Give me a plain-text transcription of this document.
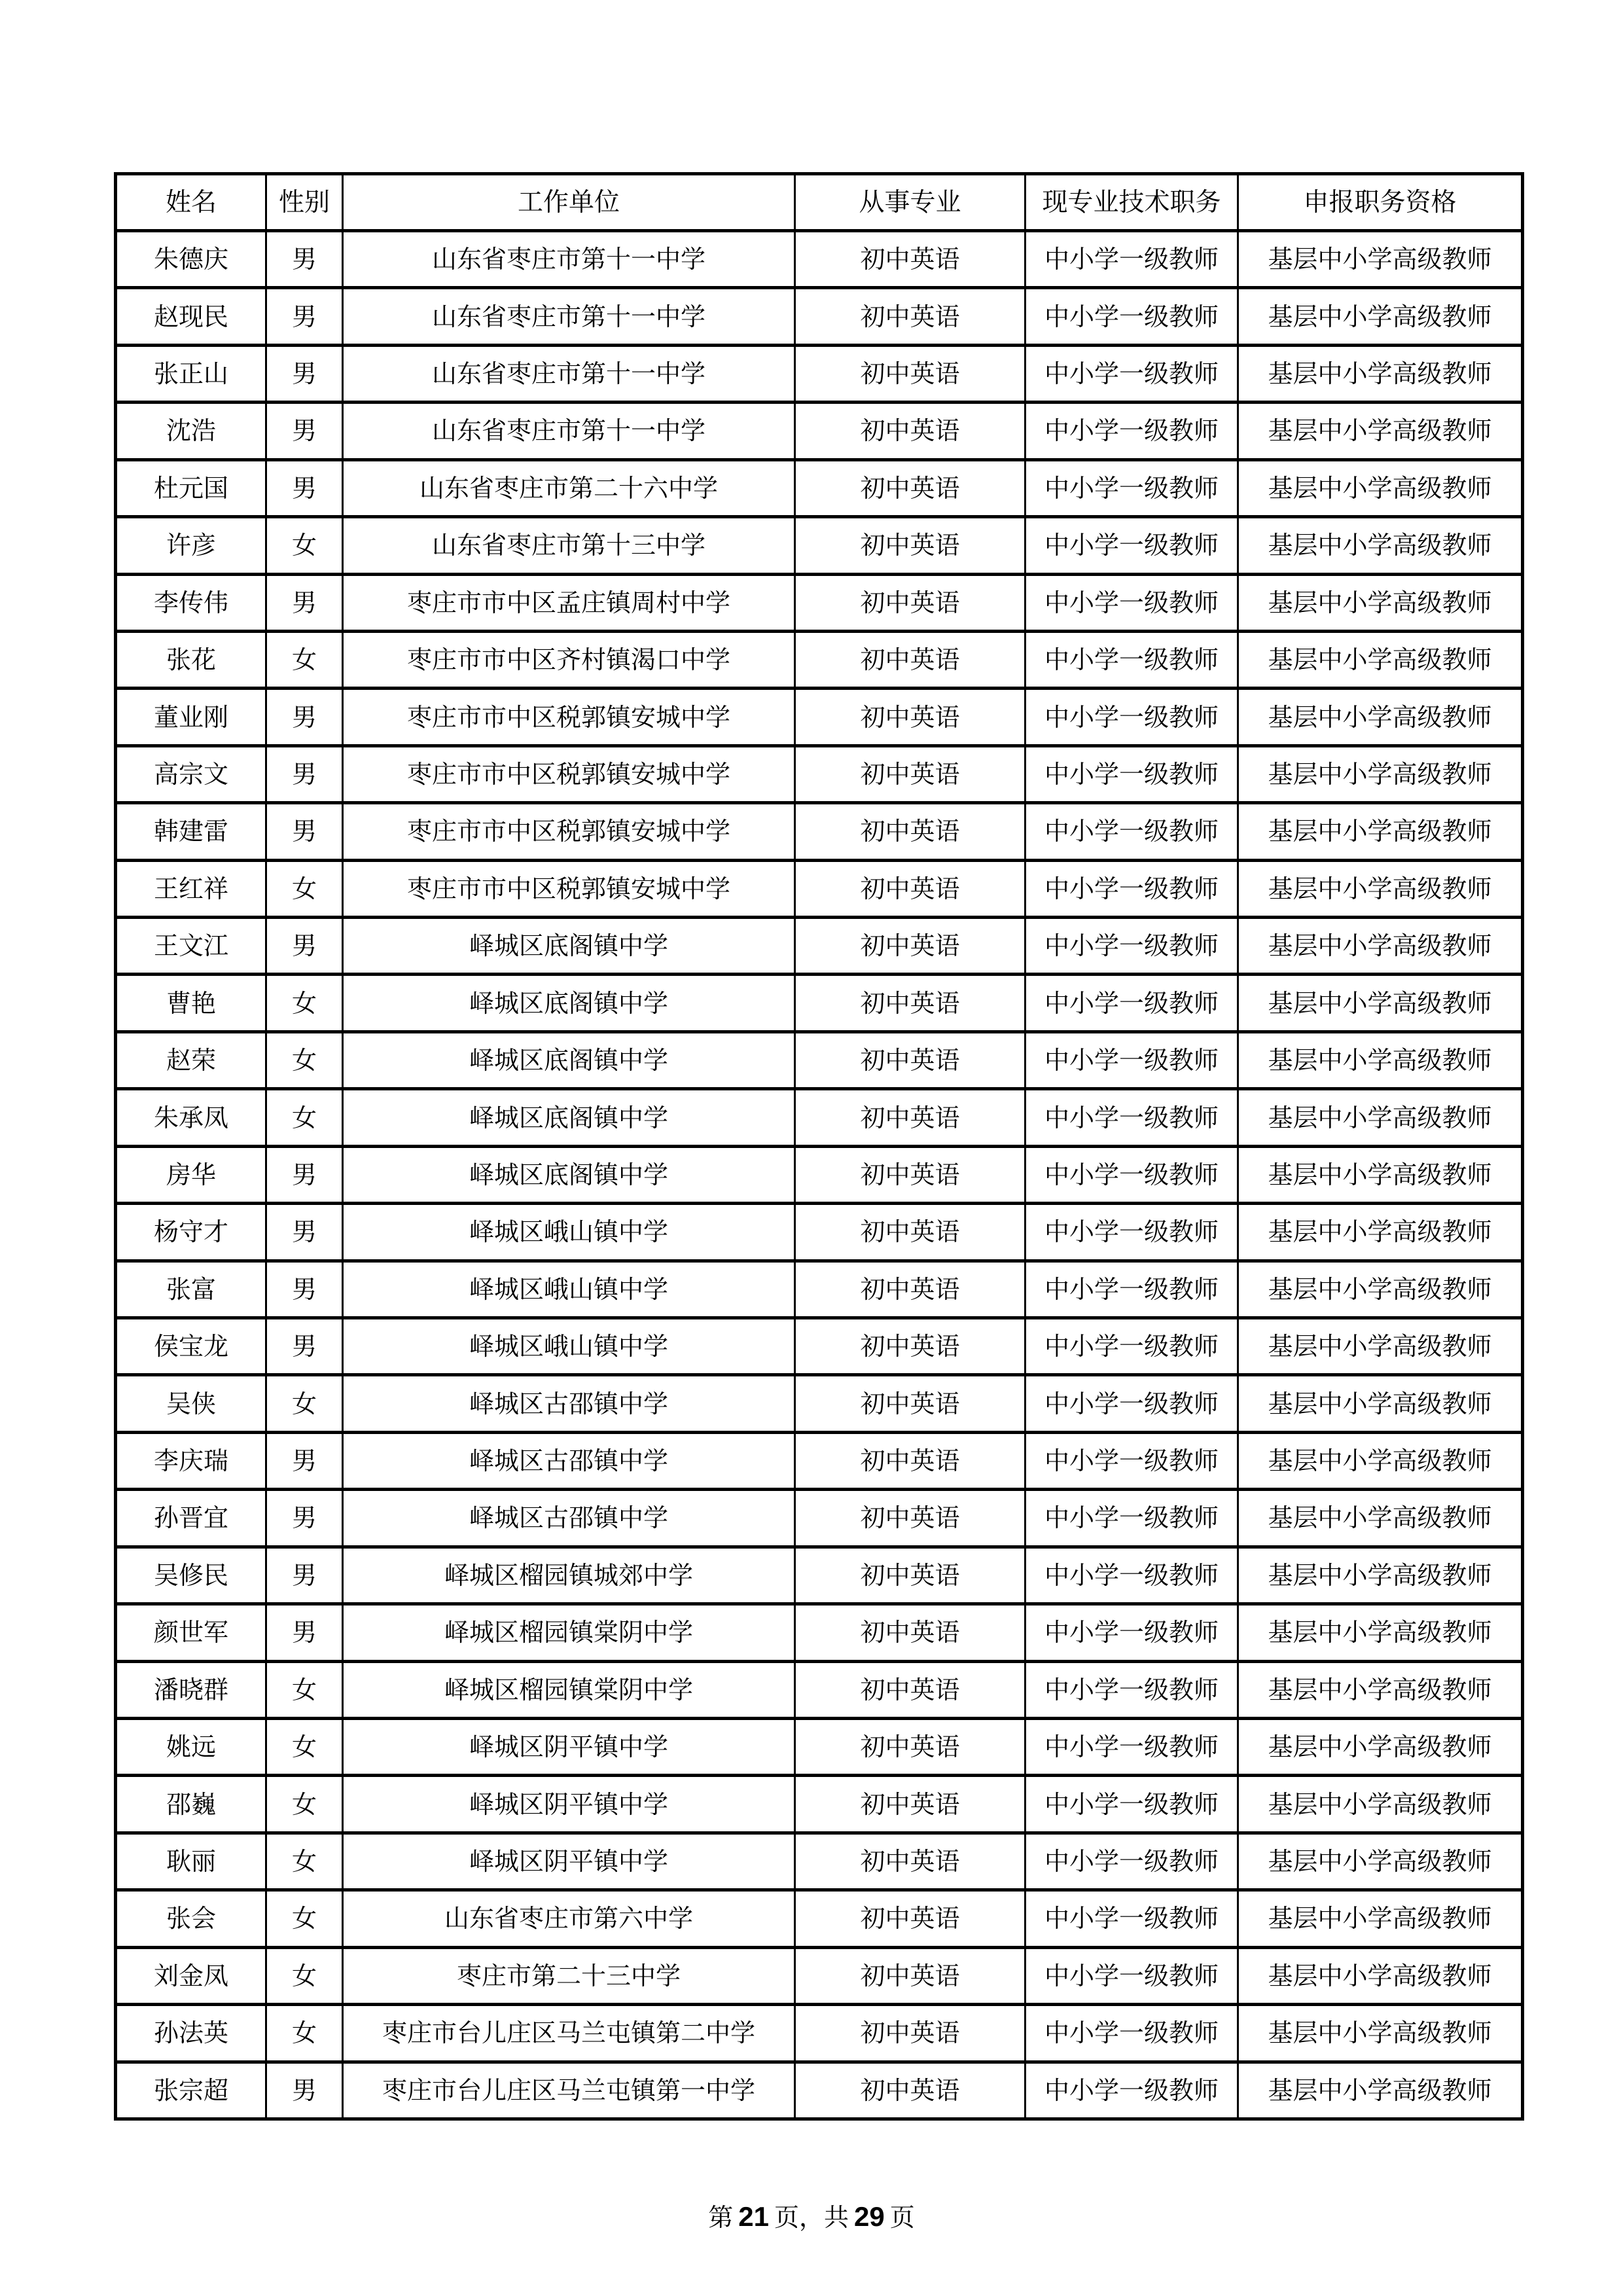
姓名	性别	工作单位	从事专业	现专业技术职务	申报职务资格
朱德庆	男	山东省枣庄市第十一中学	初中英语	中小学一级教师	基层中小学高级教师
赵现民	男	山东省枣庄市第十一中学	初中英语	中小学一级教师	基层中小学高级教师
张正山	男	山东省枣庄市第十一中学	初中英语	中小学一级教师	基层中小学高级教师
沈浩	男	山东省枣庄市第十一中学	初中英语	中小学一级教师	基层中小学高级教师
杜元国	男	山东省枣庄市第二十六中学	初中英语	中小学一级教师	基层中小学高级教师
许彦	女	山东省枣庄市第十三中学	初中英语	中小学一级教师	基层中小学高级教师
李传伟	男	枣庄市市中区孟庄镇周村中学	初中英语	中小学一级教师	基层中小学高级教师
张花	女	枣庄市市中区齐村镇渴口中学	初中英语	中小学一级教师	基层中小学高级教师
董业刚	男	枣庄市市中区税郭镇安城中学	初中英语	中小学一级教师	基层中小学高级教师
高宗文	男	枣庄市市中区税郭镇安城中学	初中英语	中小学一级教师	基层中小学高级教师
韩建雷	男	枣庄市市中区税郭镇安城中学	初中英语	中小学一级教师	基层中小学高级教师
王红祥	女	枣庄市市中区税郭镇安城中学	初中英语	中小学一级教师	基层中小学高级教师
王文江	男	峄城区底阁镇中学	初中英语	中小学一级教师	基层中小学高级教师
曹艳	女	峄城区底阁镇中学	初中英语	中小学一级教师	基层中小学高级教师
赵荣	女	峄城区底阁镇中学	初中英语	中小学一级教师	基层中小学高级教师
朱承凤	女	峄城区底阁镇中学	初中英语	中小学一级教师	基层中小学高级教师
房华	男	峄城区底阁镇中学	初中英语	中小学一级教师	基层中小学高级教师
杨守才	男	峄城区峨山镇中学	初中英语	中小学一级教师	基层中小学高级教师
张富	男	峄城区峨山镇中学	初中英语	中小学一级教师	基层中小学高级教师
侯宝龙	男	峄城区峨山镇中学	初中英语	中小学一级教师	基层中小学高级教师
吴侠	女	峄城区古邵镇中学	初中英语	中小学一级教师	基层中小学高级教师
李庆瑞	男	峄城区古邵镇中学	初中英语	中小学一级教师	基层中小学高级教师
孙晋宜	男	峄城区古邵镇中学	初中英语	中小学一级教师	基层中小学高级教师
吴修民	男	峄城区榴园镇城郊中学	初中英语	中小学一级教师	基层中小学高级教师
颜世军	男	峄城区榴园镇棠阴中学	初中英语	中小学一级教师	基层中小学高级教师
潘晓群	女	峄城区榴园镇棠阴中学	初中英语	中小学一级教师	基层中小学高级教师
姚远	女	峄城区阴平镇中学	初中英语	中小学一级教师	基层中小学高级教师
邵巍	女	峄城区阴平镇中学	初中英语	中小学一级教师	基层中小学高级教师
耿丽	女	峄城区阴平镇中学	初中英语	中小学一级教师	基层中小学高级教师
张会	女	山东省枣庄市第六中学	初中英语	中小学一级教师	基层中小学高级教师
刘金凤	女	枣庄市第二十三中学	初中英语	中小学一级教师	基层中小学高级教师
孙法英	女	枣庄市台儿庄区马兰屯镇第二中学	初中英语	中小学一级教师	基层中小学高级教师
张宗超	男	枣庄市台儿庄区马兰屯镇第一中学	初中英语	中小学一级教师	基层中小学高级教师
第 21 页，共 29 页
